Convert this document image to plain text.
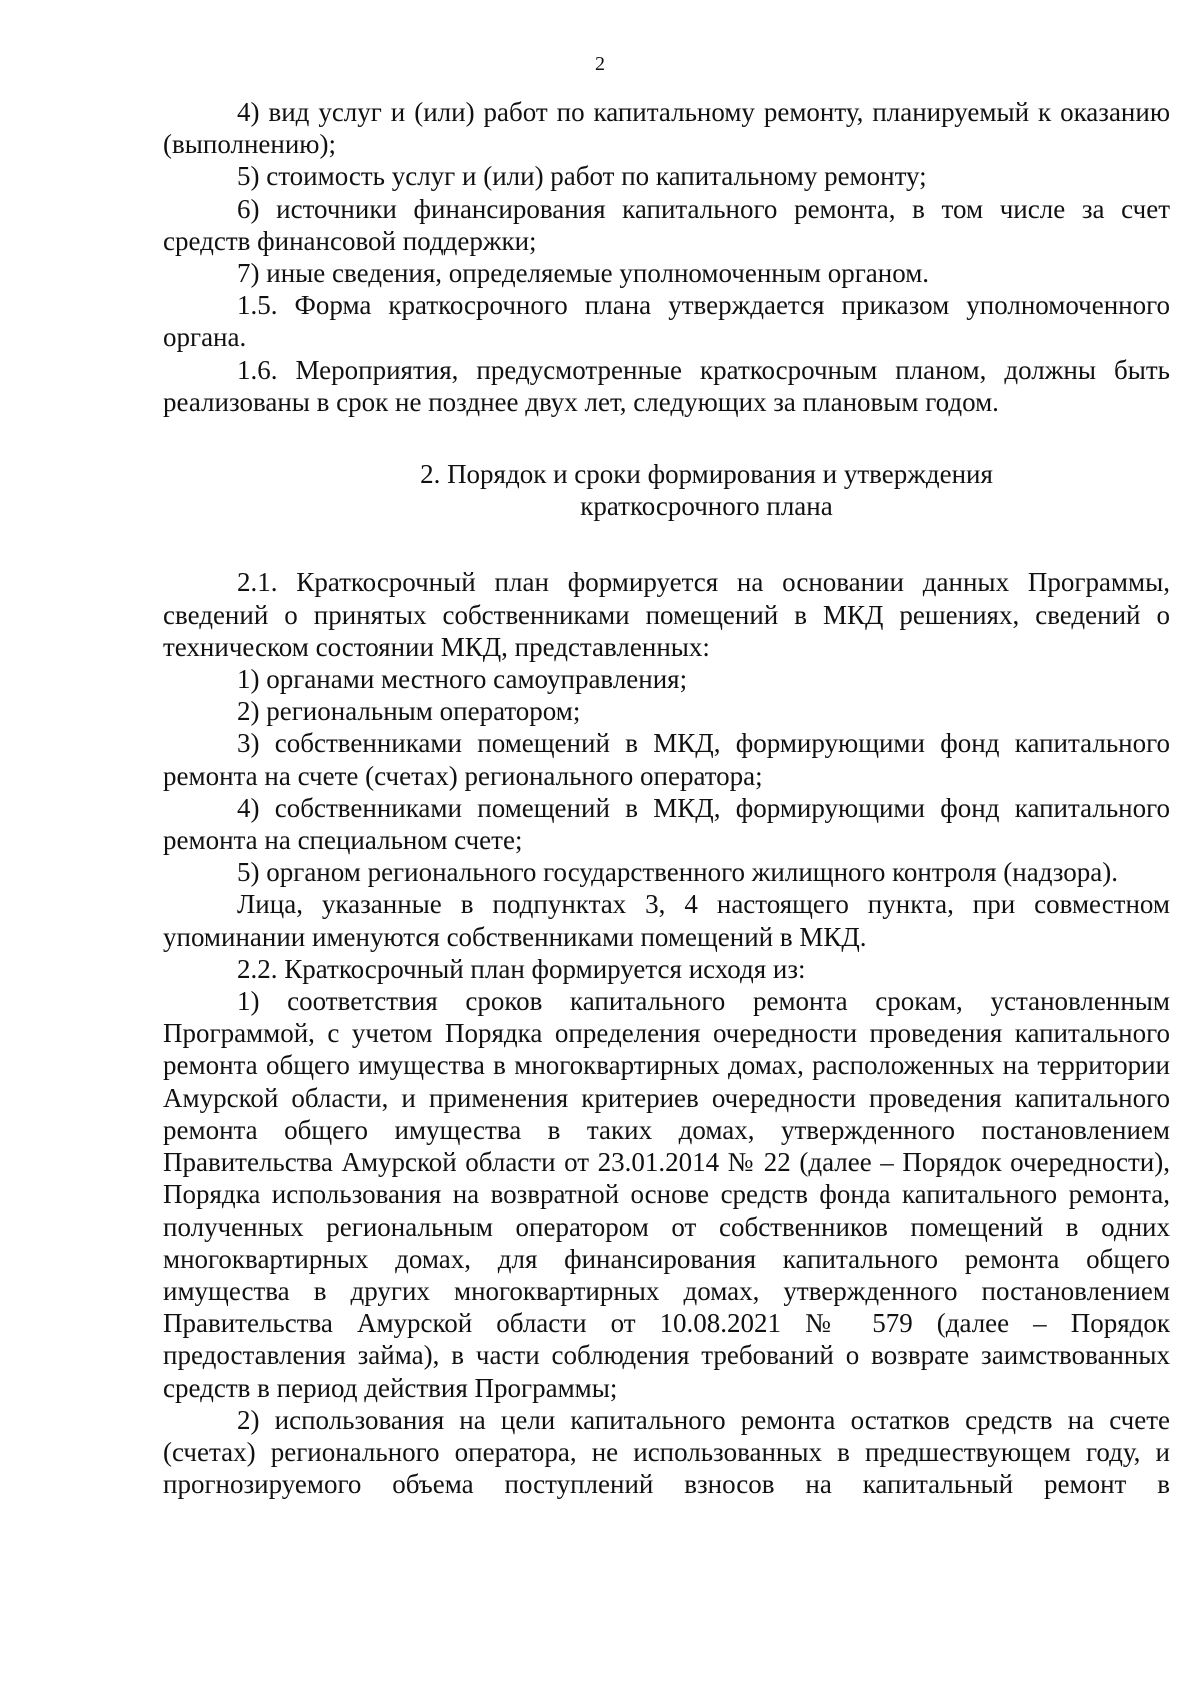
2

4) вид услуг и (или) работ по капитальному ремонту, планируемый к оказанию (выполнению);

5) стоимость услуг и (или) работ по капитальному ремонту;

6) источники финансирования капитального ремонта, в том числе за счет средств финансовой поддержки;

7) иные сведения, определяемые уполномоченным органом.

1.5. Форма краткосрочного плана утверждается приказом уполномоченного органа.

1.6. Мероприятия, предусмотренные краткосрочным планом, должны быть реализованы в срок не позднее двух лет, следующих за плановым годом.

2. Порядок и сроки формирования и утверждения

краткосрочного плана

2.1. Краткосрочный план формируется на основании данных Программы, сведений о принятых собственниками помещений в МКД решениях, сведений о техническом состоянии МКД, представленных:

1) органами местного самоуправления;

2) региональным оператором;

3) собственниками помещений в МКД, формирующими фонд капитального ремонта на счете (счетах) регионального оператора;

4) собственниками помещений в МКД, формирующими фонд капитального ремонта на специальном счете;

5) органом регионального государственного жилищного контроля (надзора).

Лица, указанные в подпунктах 3, 4 настоящего пункта, при совместном упоминании именуются собственниками помещений в МКД.

2.2. Краткосрочный план формируется исходя из:

1) соответствия сроков капитального ремонта срокам, установленным Программой, с учетом Порядка определения очередности проведения капитального ремонта общего имущества в многоквартирных домах, расположенных на территории Амурской области, и применения критериев очередности проведения капитального ремонта общего имущества в таких домах, утвержденного постановлением Правительства Амурской области от 23.01.2014 № 22 (далее – Порядок очередности), Порядка использования на возвратной основе средств фонда капитального ремонта, полученных региональным оператором от собственников помещений в одних многоквартирных домах, для финансирования капитального ремонта общего имущества в других многоквартирных домах, утвержденного постановлением Правительства Амурской области от 10.08.2021 № 579 (далее – Порядок предоставления займа), в части соблюдения требований о возврате заимствованных средств в период действия Программы;

2) использования на цели капитального ремонта остатков средств на счете (счетах) регионального оператора, не использованных в предшествующем году, и прогнозируемого объема поступлений взносов на капитальный ремонт в
